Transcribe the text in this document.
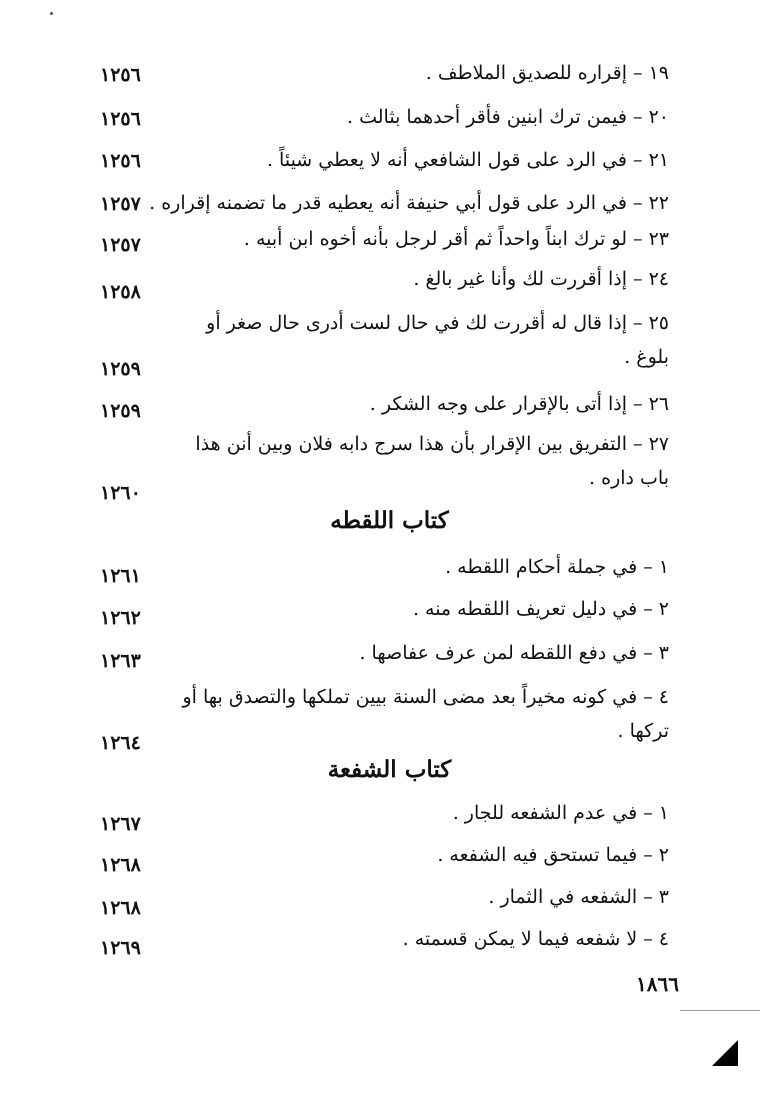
١٩ – إقراره للصديق الملاطف .
١٢٥٦
٢٠ – فيمن ترك ابنين فأقر أحدهما بثالث .
١٢٥٦
٢١ – في الرد على قول الشافعي أنه لا يعطي شيئاً .
١٢٥٦
٢٢ – في الرد على قول أبي حنيفة أنه يعطيه قدر ما تضمنه إقراره .
١٢٥٧
٢٣ – لو ترك ابناً واحداً ثم أقر لرجل بأنه أخوه ابن أبيه .
١٢٥٧
٢٤ – إذا أقررت لك وأنا غير بالغ .
١٢٥٨
٢٥ – إذا قال له أقررت لك في حال لست أدرى حال صغر أو بلوغ .
١٢٥٩
٢٦ – إذا أتى بالإقرار على وجه الشكر .
١٢٥٩
٢٧ – التفريق بين الإقرار بأن هذا سرج دابه فلان وبين أنن هذا باب داره .
١٢٦٠
كتاب اللقطه
١ – في جملة أحكام اللقطه .
١٢٦١
٢ – في دليل تعريف اللقطه منه .
١٢٦٢
٣ – في دفع اللقطه لمن عرف عفاصها .
١٢٦٣
٤ – في كونه مخيراً بعد مضى السنة بيين تملكها والتصدق بها أو تركها .
١٢٦٤
كتاب الشفعة
١ – في عدم الشفعه للجار .
١٢٦٧
٢ – فيما تستحق فيه الشفعه .
١٢٦٨
٣ – الشفعه في الثمار .
١٢٦٨
٤ – لا شفعه فيما لا يمكن قسمته .
١٢٦٩
١٨٦٦
